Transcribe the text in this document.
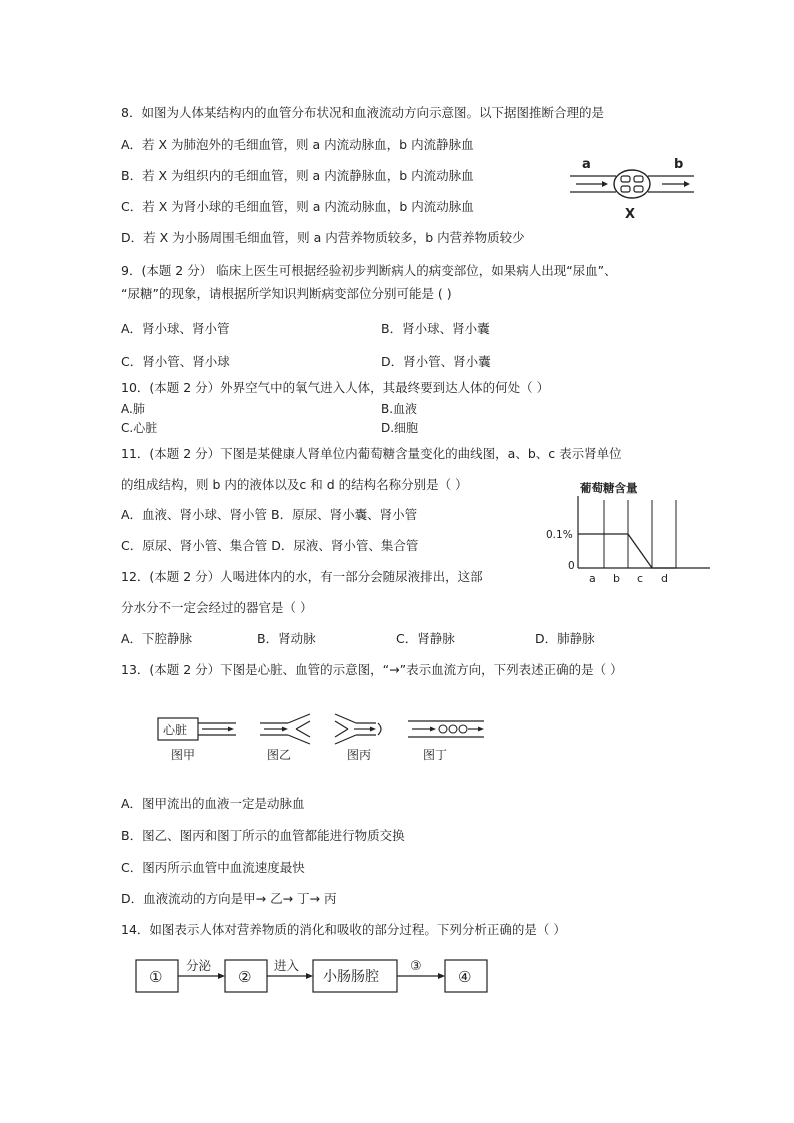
8．如图为人体某结构内的血管分布状况和血液流动方向示意图。以下据图推断合理的是
A．若 X 为肺泡外的毛细血管，则 a 内流动脉血，b 内流静脉血
B．若 X 为组织内的毛细血管，则 a 内流静脉血，b 内流动脉血
C．若 X 为肾小球的毛细血管，则 a 内流动脉血，b 内流动脉血
D．若 X 为小肠周围毛细血管，则 a 内营养物质较多，b 内营养物质较少
a	b
X
9．(本题 2 分） 临床上医生可根据经验初步判断病人的病变部位，如果病人出现“尿血”、
“尿糖”的现象，请根据所学知识判断病变部位分别可能是 ( )
A．肾小球、肾小管	B．肾小球、肾小囊
C．肾小管、肾小球	D．肾小管、肾小囊
10．(本题 2 分）外界空气中的氧气进入人体，其最终要到达人体的何处（ ）
A.肺	B.血液
C.心脏	D.细胞
11．(本题 2 分）下图是某健康人肾单位内葡萄糖含量变化的曲线图，a、b、c 表示肾单位
的组成结构，则 b 内的液体以及c 和 d 的结构名称分别是（ ）
A．血液、肾小球、肾小管 B．原尿、肾小囊、肾小管
C．原尿、肾小管、集合管 D．尿液、肾小管、集合管
葡萄糖含量
a b c d
0
0.1%
12．(本题 2 分）人喝进体内的水，有一部分会随尿液排出，这部
分水分不一定会经过的器官是（ ）
A．下腔静脉	B．肾动脉	C．肾静脉	D．肺静脉
13．(本题 2 分）下图是心脏、血管的示意图，“→”表示血流方向，下列表述正确的是（ ）
心脏
图甲	图乙	图丙	图丁
A．图甲流出的血液一定是动脉血
B．图乙、图丙和图丁所示的血管都能进行物质交换
C．图丙所示血管中血流速度最快
D．血液流动的方向是甲→ 乙→ 丁→ 丙
14．如图表示人体对营养物质的消化和吸收的部分过程。下列分析正确的是（ ）
①
分泌
②
进入
小肠肠腔
③
④
